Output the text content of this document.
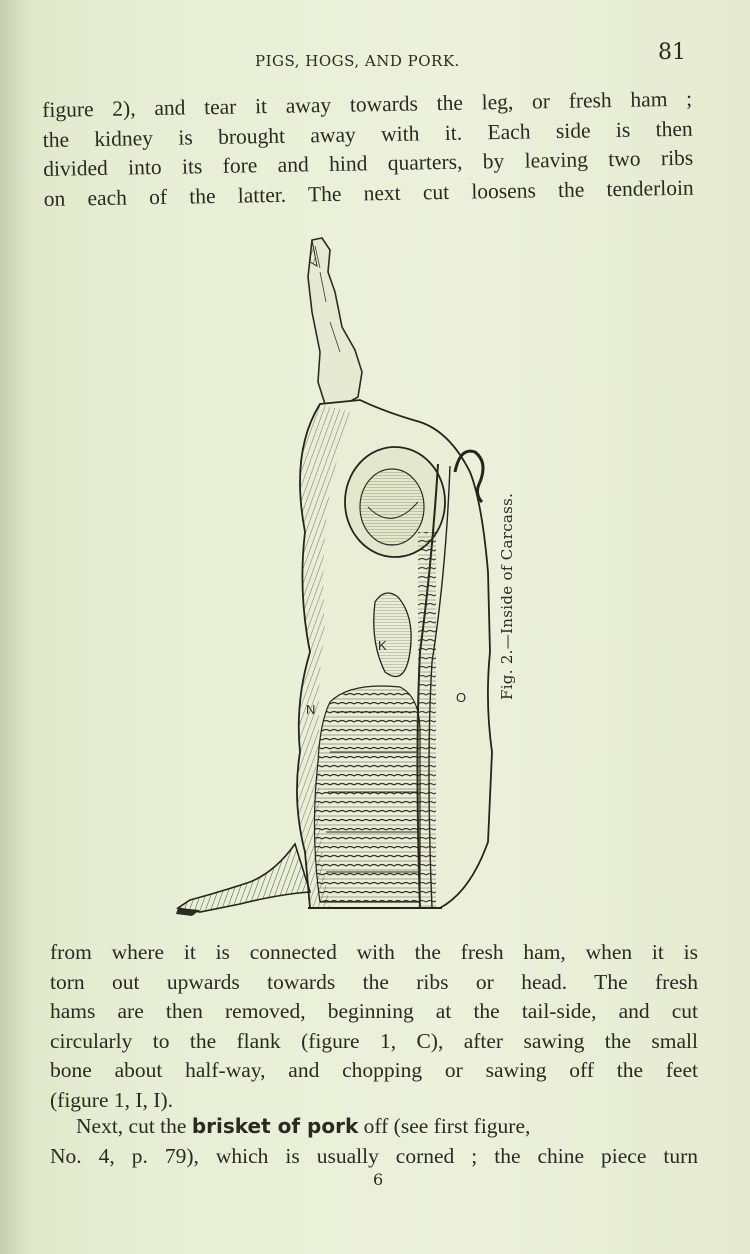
PIGS, HOGS, AND PORK.	81

figure 2), and tear it away towards the leg, or fresh ham ;
the kidney is brought away with it. Each side is then
divided into its fore and hind quarters, by leaving two ribs
on each of the latter. The next cut loosens the tenderloin

K
N
O Fig. 2.—Inside of Carcass.

from where it is connected with the fresh ham, when it is
torn out upwards towards the ribs or head. The fresh
hams are then removed, beginning at the tail-side, and cut
circularly to the flank (figure 1, C), after sawing the small
bone about half-way, and chopping or sawing off the feet
(figure 1, I, I).

Next, cut the brisket of pork off (see first figure,
No. 4, p. 79), which is usually corned ; the chine piece turn

6
